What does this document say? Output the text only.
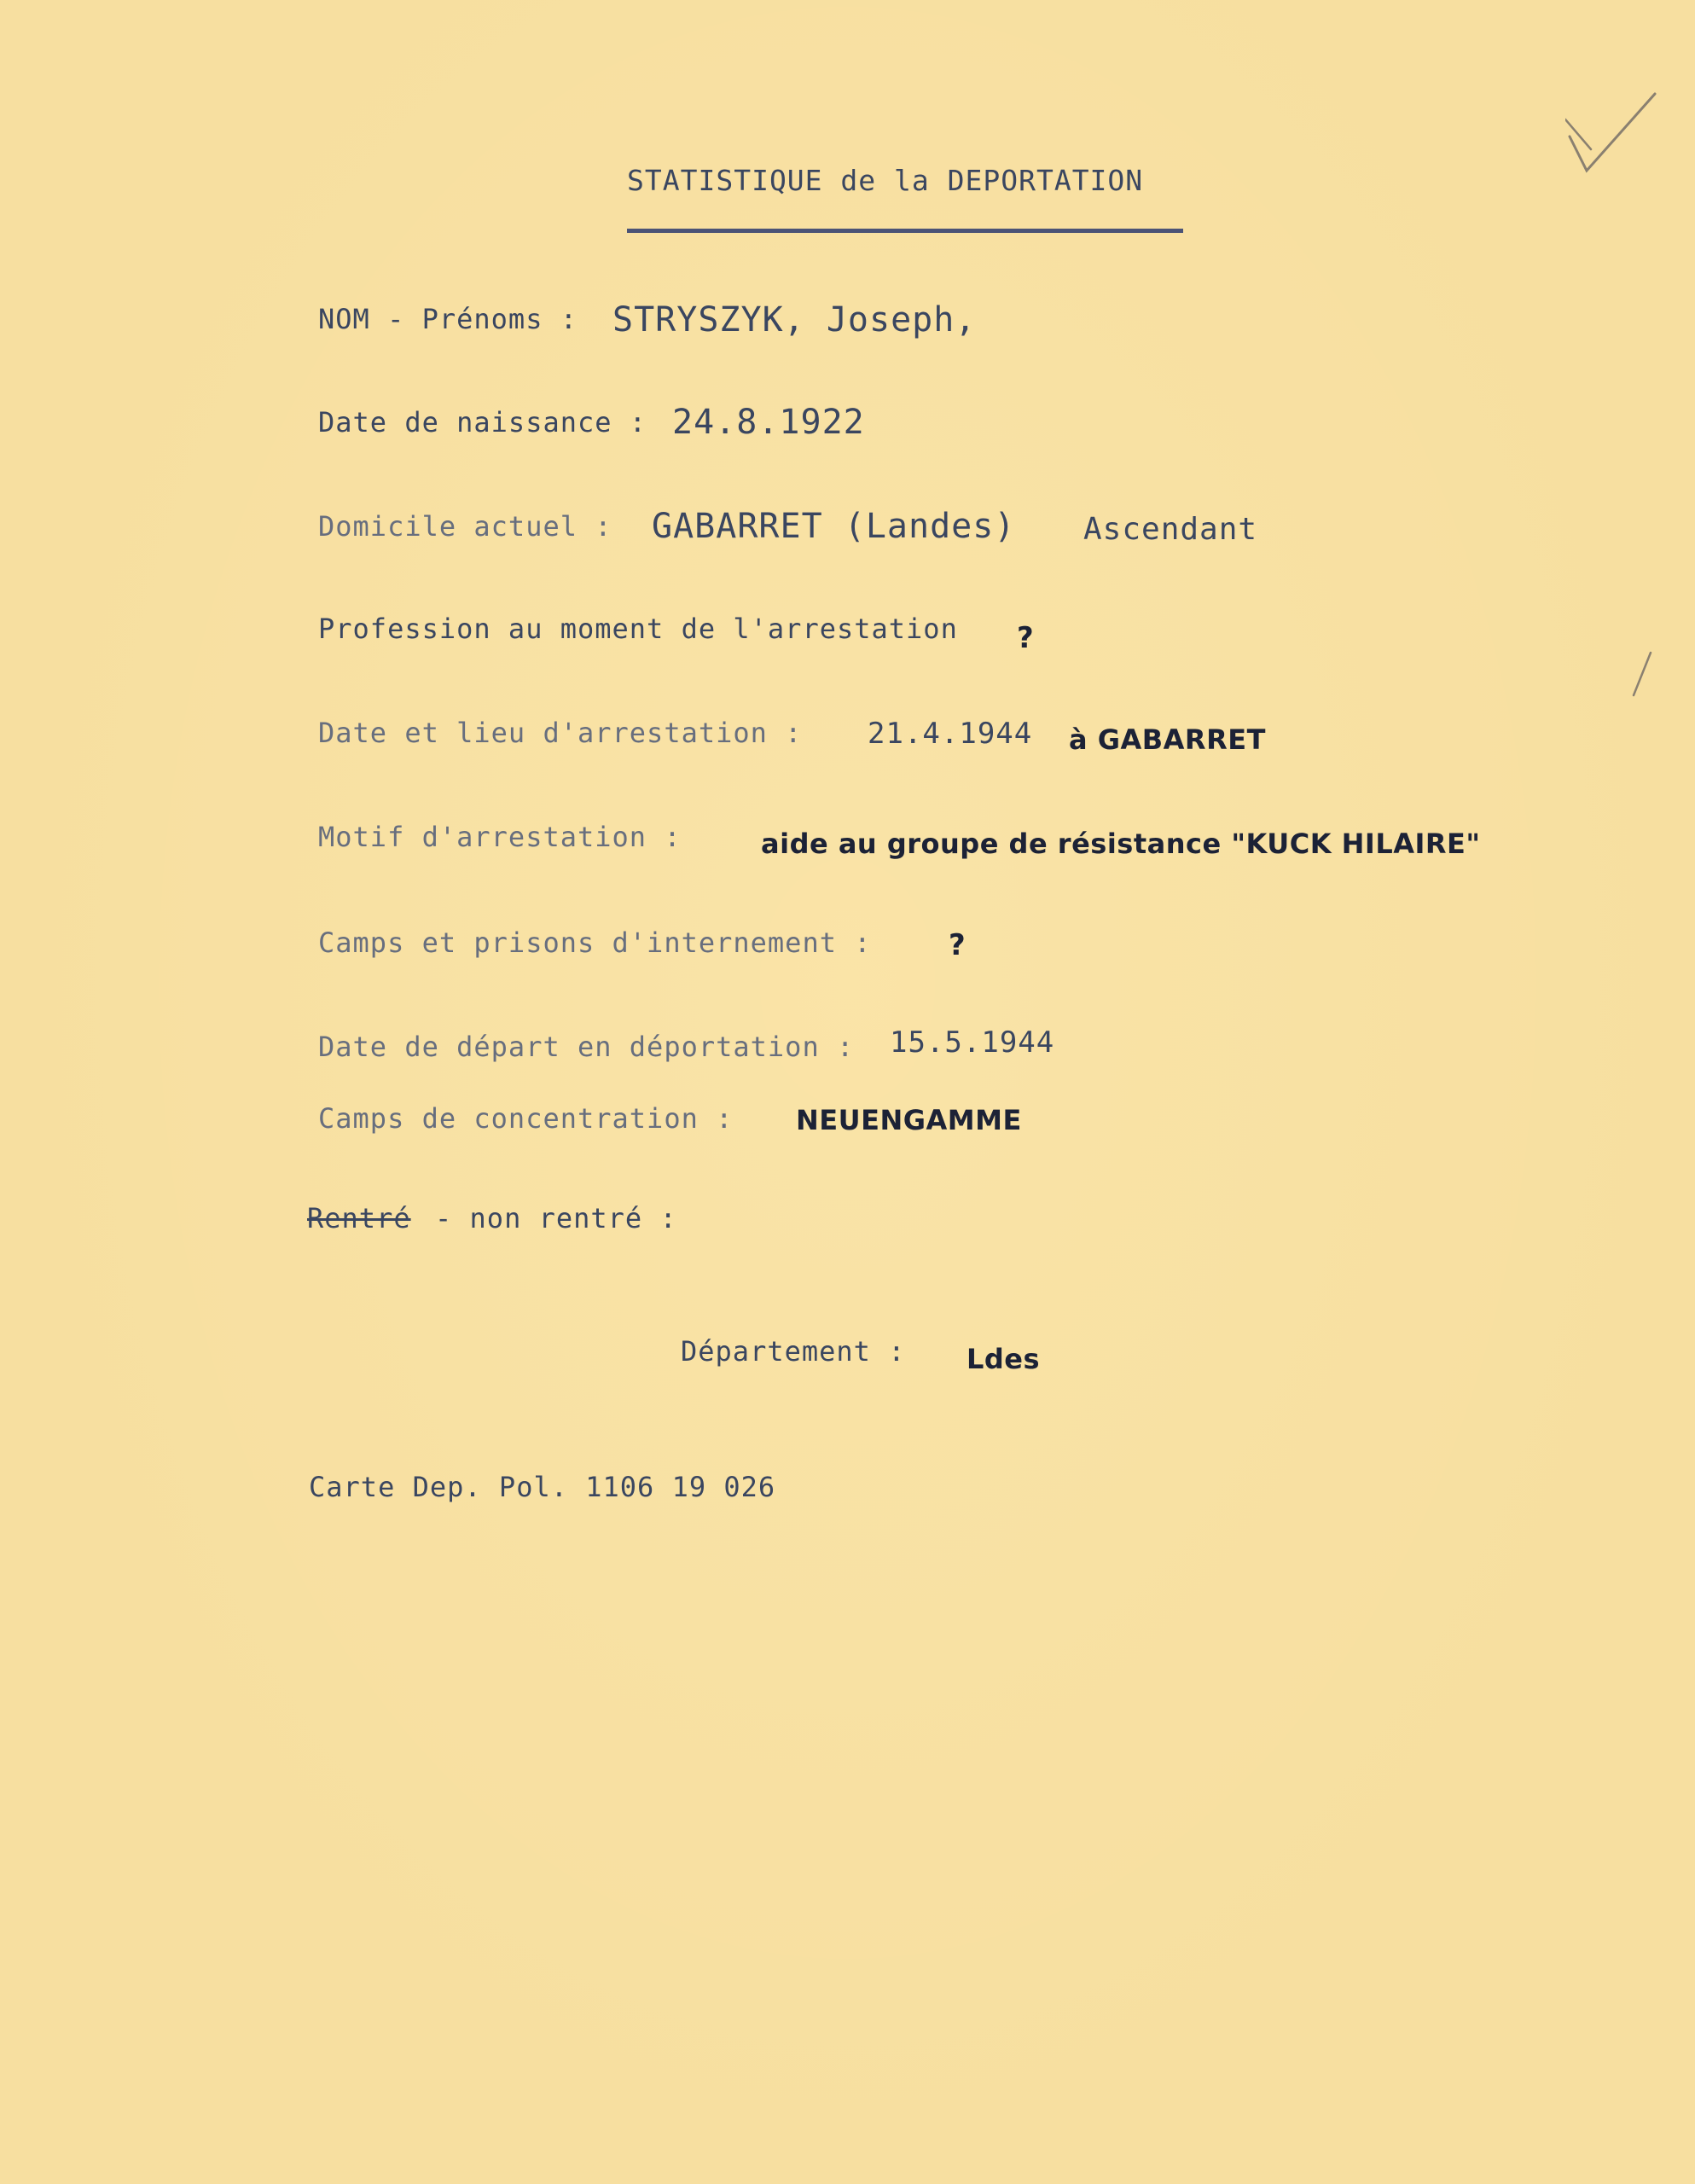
STATISTIQUE de la DEPORTATION
NOM - Prénoms : STRYSZYK, Joseph,
Date de naissance : 24.8.1922
Domicile actuel : GABARRET (Landes) Ascendant
Profession au moment de l'arrestation ?
Date et lieu d'arrestation : 21.4.1944 à GABARRET
Motif d'arrestation :	aide au groupe de résistance "KUCK HILAIRE"
Camps et prisons d'internement :	?
Date de départ en déportation : 15.5.1944
Camps de concentration : NEUENGAMME
Rentré - non rentré :
Département : Ldes
Carte Dep. Pol. 1106 19 026
